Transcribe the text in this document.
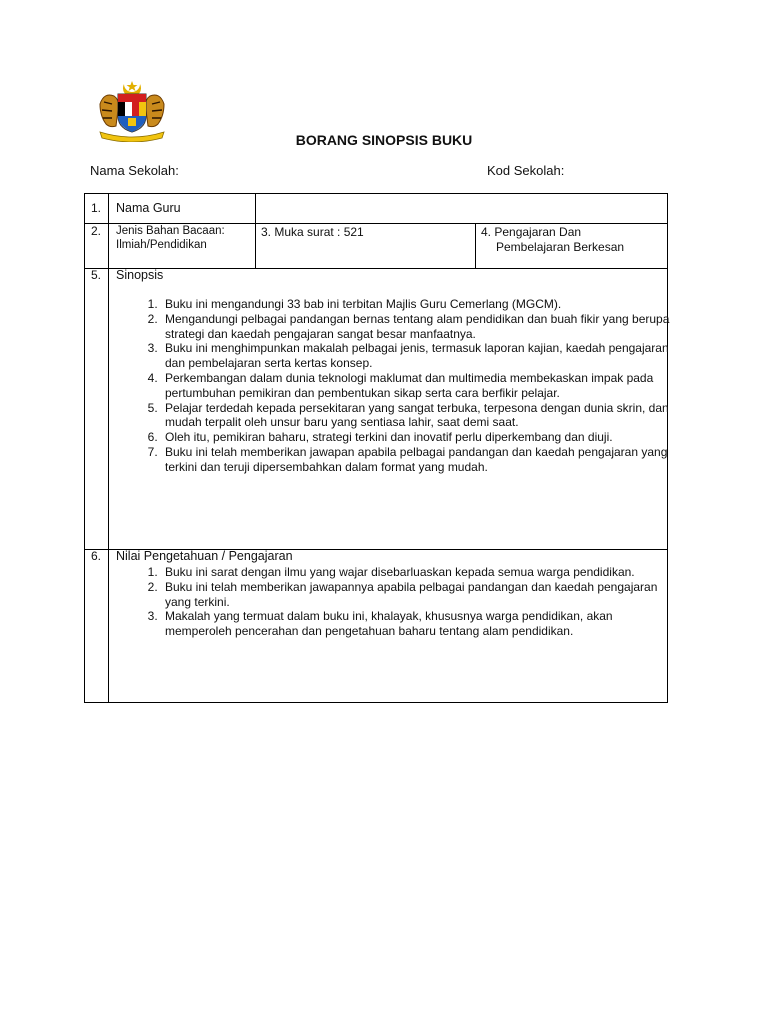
BORANG SINOPSIS BUKU
Nama Sekolah:	Kod Sekolah:
1. Nama Guru
2. Jenis Bahan Bacaan:
Ilmiah/Pendidikan
3. Muka surat : 521	4. Pengajaran Dan
Pembelajaran Berkesan
5. Sinopsis
1. Buku ini mengandungi 33 bab ini terbitan Majlis Guru Cemerlang (MGCM).
2. Mengandungi pelbagai pandangan bernas tentang alam pendidikan dan buah fikir yang berupa strategi dan kaedah pengajaran sangat besar manfaatnya.
3. Buku ini menghimpunkan makalah pelbagai jenis, termasuk laporan kajian, kaedah pengajaran dan pembelajaran serta kertas konsep.
4. Perkembangan dalam dunia teknologi maklumat dan multimedia membekaskan impak pada pertumbuhan pemikiran dan pembentukan sikap serta cara berfikir pelajar.
5. Pelajar terdedah kepada persekitaran yang sangat terbuka, terpesona dengan dunia skrin, dan mudah terpalit oleh unsur baru yang sentiasa lahir, saat demi saat.
6. Oleh itu, pemikiran baharu, strategi terkini dan inovatif perlu diperkembang dan diuji.
7. Buku ini telah memberikan jawapan apabila pelbagai pandangan dan kaedah pengajaran yang terkini dan teruji dipersembahkan dalam format yang mudah.
6. Nilai Pengetahuan / Pengajaran
1. Buku ini sarat dengan ilmu yang wajar disebarluaskan kepada semua warga pendidikan.
2. Buku ini telah memberikan jawapannya apabila pelbagai pandangan dan kaedah pengajaran yang terkini.
3. Makalah yang termuat dalam buku ini, khalayak, khususnya warga pendidikan, akan memperoleh pencerahan dan pengetahuan baharu tentang alam pendidikan.
